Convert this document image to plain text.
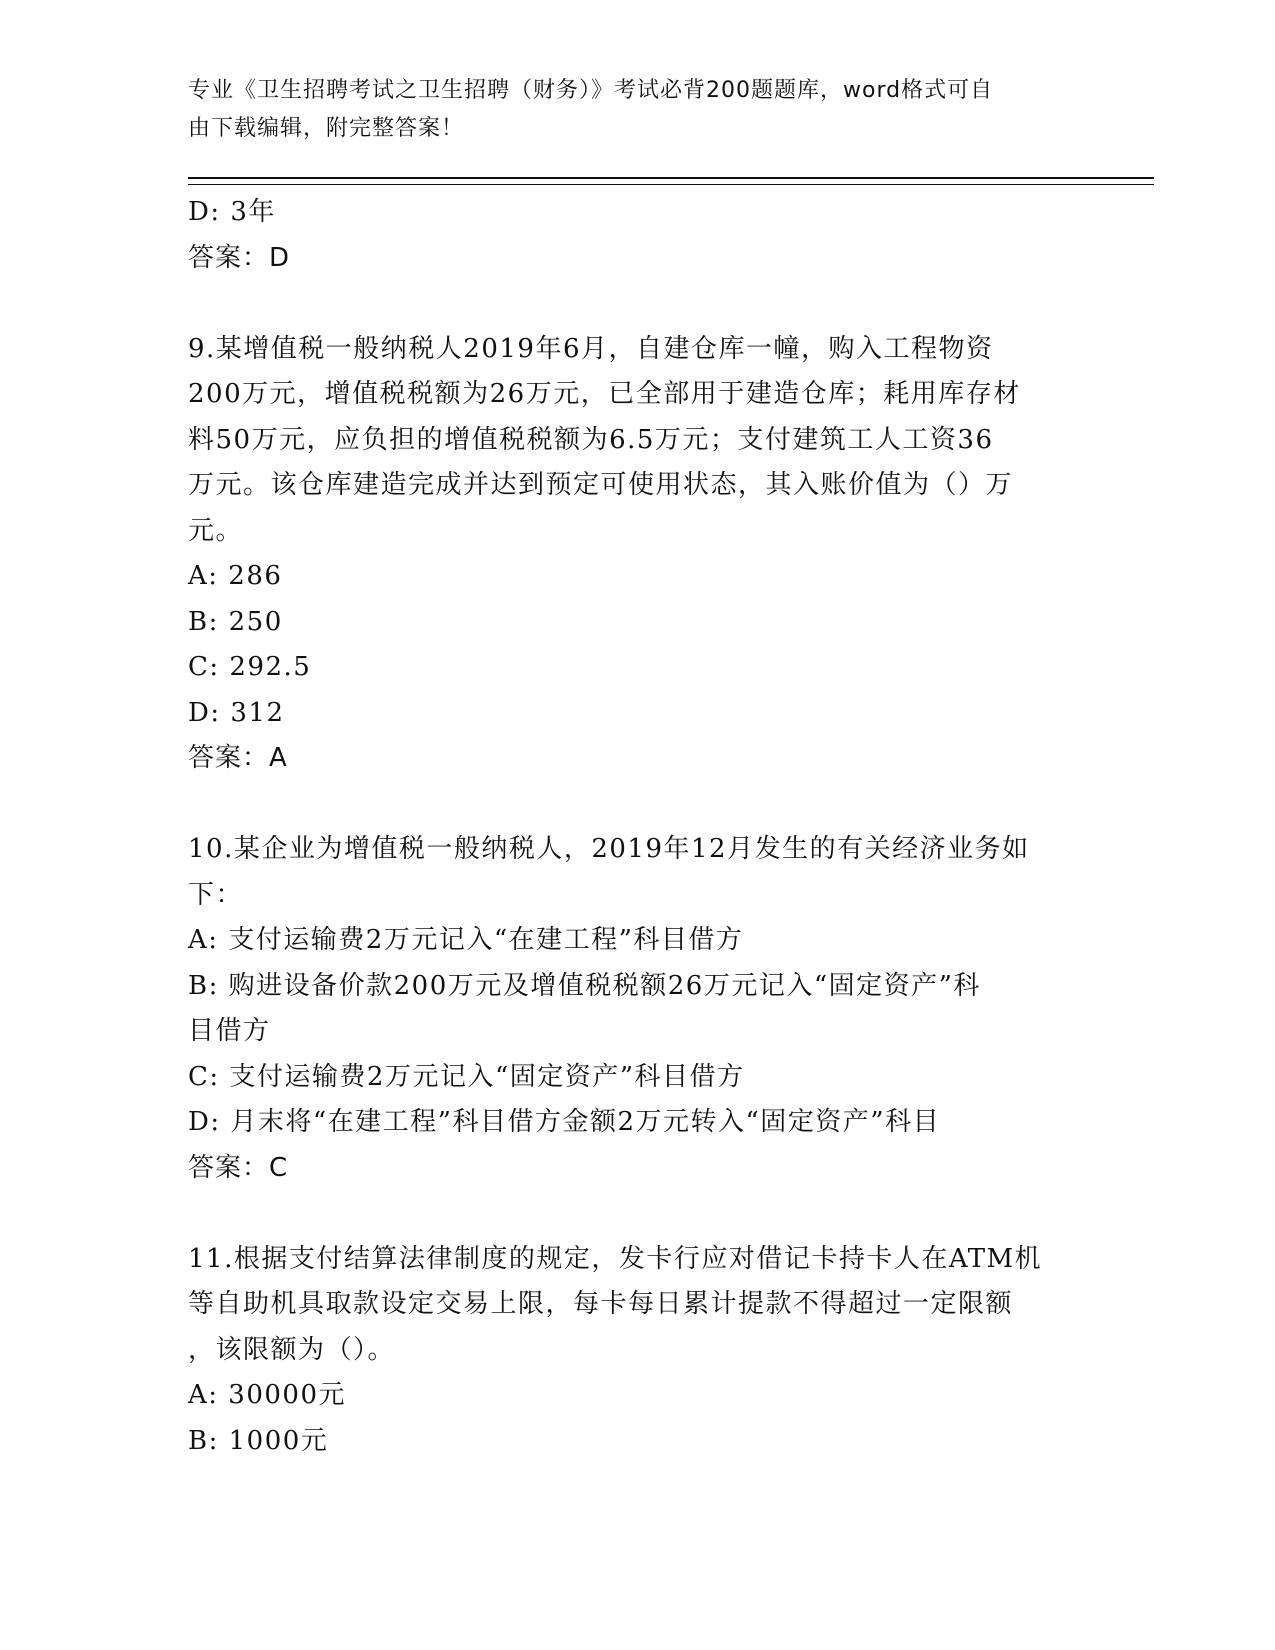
专业《卫生招聘考试之卫生招聘（财务）》考试必背200题题库，word格式可自
由下载编辑，附完整答案！

D: 3年

答案：D

9.某增值税一般纳税人2019年6月，自建仓库一幢，购入工程物资

200万元，增值税税额为26万元，已全部用于建造仓库；耗用库存材

料50万元，应负担的增值税税额为6.5万元；支付建筑工人工资36

万元。该仓库建造完成并达到预定可使用状态，其入账价值为（）万

元。

A: 286

B: 250

C: 292.5

D: 312

答案：A

10.某企业为增值税一般纳税人，2019年12月发生的有关经济业务如

下：

A: 支付运输费2万元记入“在建工程”科目借方

B: 购进设备价款200万元及增值税税额26万元记入“固定资产”科

目借方

C: 支付运输费2万元记入“固定资产”科目借方

D: 月末将“在建工程”科目借方金额2万元转入“固定资产”科目

答案：C

11.根据支付结算法律制度的规定，发卡行应对借记卡持卡人在ATM机

等自助机具取款设定交易上限，每卡每日累计提款不得超过一定限额

，该限额为（）。

A: 30000元

B: 1000元
